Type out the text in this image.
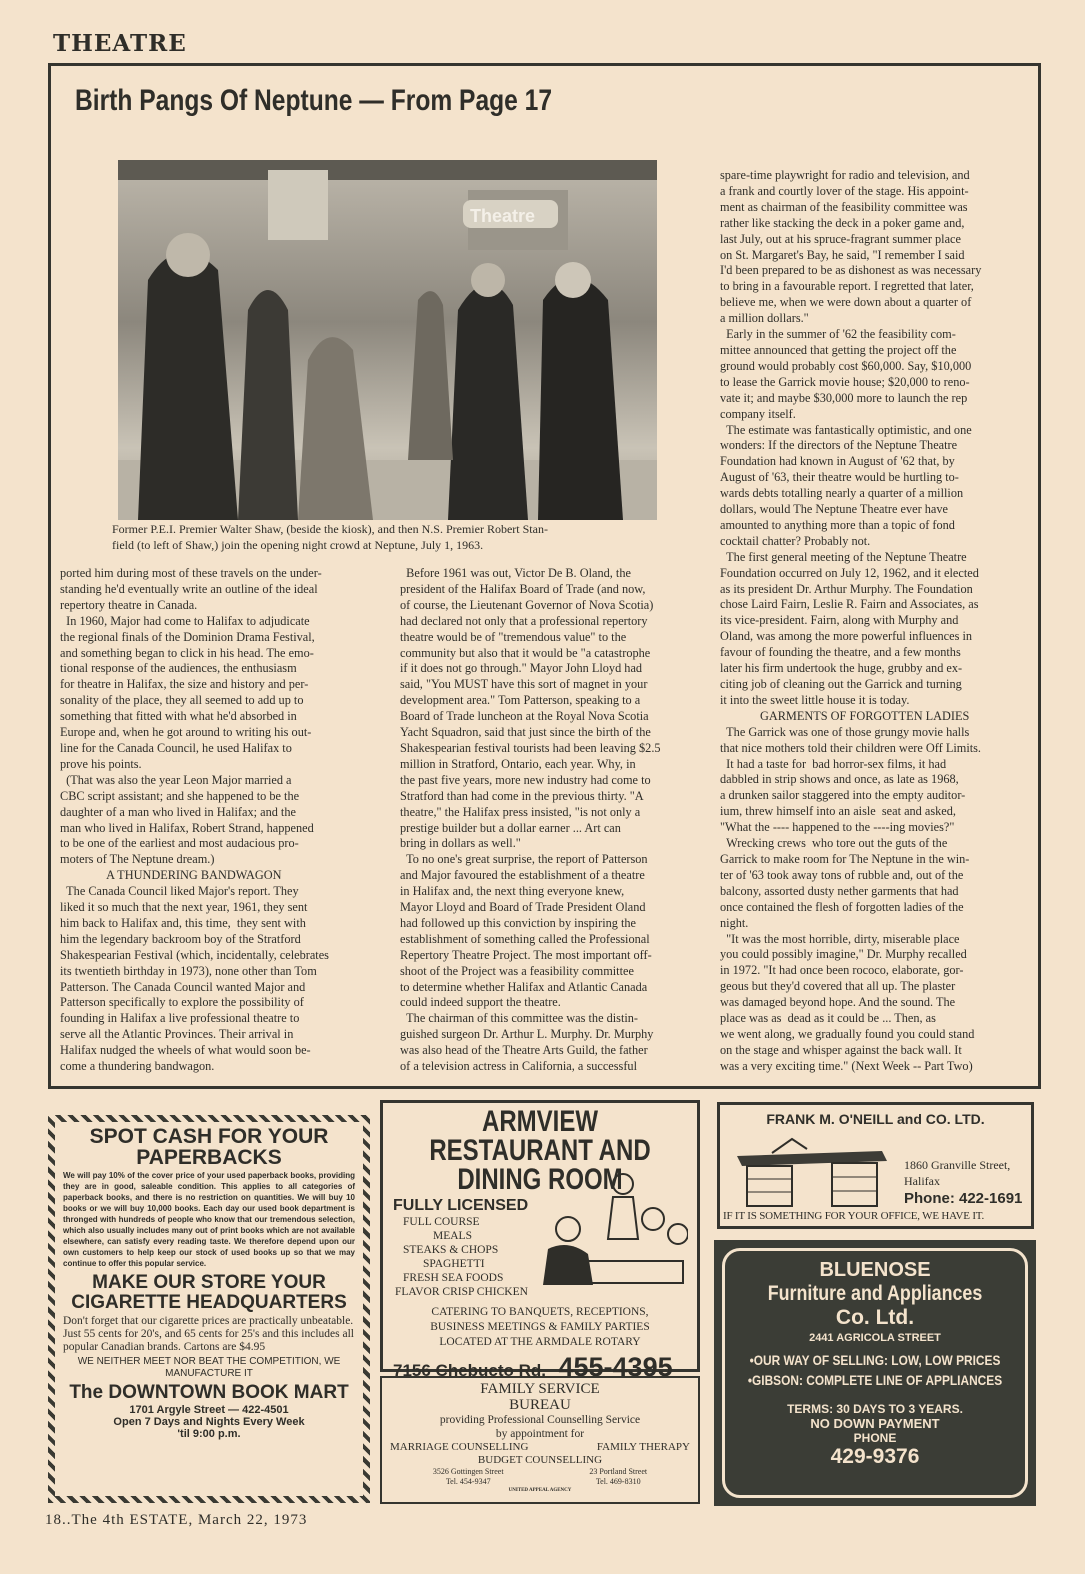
THEATRE
Birth Pangs Of Neptune — From Page 17
Theatre
Former P.E.I. Premier Walter Shaw, (beside the kiosk), and then N.S. Premier Robert Stan-
field (to left of Shaw,) join the opening night crowd at Neptune, July 1, 1963.
ported him during most of these travels on the under-
standing he'd eventually write an outline of the ideal
repertory theatre in Canada.
In 1960, Major had come to Halifax to adjudicate
the regional finals of the Dominion Drama Festival,
and something began to click in his head. The emo-
tional response of the audiences, the enthusiasm
for theatre in Halifax, the size and history and per-
sonality of the place, they all seemed to add up to
something that fitted with what he'd absorbed in
Europe and, when he got around to writing his out-
line for the Canada Council, he used Halifax to
prove his points.
(That was also the year Leon Major married a
CBC script assistant; and she happened to be the
daughter of a man who lived in Halifax; and the
man who lived in Halifax, Robert Strand, happened
to be one of the earliest and most audacious pro-
moters of The Neptune dream.)
A THUNDERING BANDWAGON
The Canada Council liked Major's report. They
liked it so much that the next year, 1961, they sent
him back to Halifax and, this time,  they sent with
him the legendary backroom boy of the Stratford
Shakespearian Festival (which, incidentally, celebrates
its twentieth birthday in 1973), none other than Tom
Patterson. The Canada Council wanted Major and
Patterson specifically to explore the possibility of
founding in Halifax a live professional theatre to
serve all the Atlantic Provinces. Their arrival in
Halifax nudged the wheels of what would soon be-
come a thundering bandwagon.
Before 1961 was out, Victor De B. Oland, the
president of the Halifax Board of Trade (and now,
of course, the Lieutenant Governor of Nova Scotia)
had declared not only that a professional repertory
theatre would be of "tremendous value" to the
community but also that it would be "a catastrophe
if it does not go through." Mayor John Lloyd had
said, "You MUST have this sort of magnet in your
development area." Tom Patterson, speaking to a
Board of Trade luncheon at the Royal Nova Scotia
Yacht Squadron, said that just since the birth of the
Shakespearian festival tourists had been leaving $2.5
million in Stratford, Ontario, each year. Why, in
the past five years, more new industry had come to
Stratford than had come in the previous thirty. "A
theatre," the Halifax press insisted, "is not only a
prestige builder but a dollar earner ... Art can
bring in dollars as well."
To no one's great surprise, the report of Patterson
and Major favoured the establishment of a theatre
in Halifax and, the next thing everyone knew,
Mayor Lloyd and Board of Trade President Oland
had followed up this conviction by inspiring the
establishment of something called the Professional
Repertory Theatre Project. The most important off-
shoot of the Project was a feasibility committee
to determine whether Halifax and Atlantic Canada
could indeed support the theatre.
The chairman of this committee was the distin-
guished surgeon Dr. Arthur L. Murphy. Dr. Murphy
was also head of the Theatre Arts Guild, the father
of a television actress in California, a successful
spare-time playwright for radio and television, and
a frank and courtly lover of the stage. His appoint-
ment as chairman of the feasibility committee was
rather like stacking the deck in a poker game and,
last July, out at his spruce-fragrant summer place
on St. Margaret's Bay, he said, "I remember I said
I'd been prepared to be as dishonest as was necessary
to bring in a favourable report. I regretted that later,
believe me, when we were down about a quarter of
a million dollars."
Early in the summer of '62 the feasibility com-
mittee announced that getting the project off the
ground would probably cost $60,000. Say, $10,000
to lease the Garrick movie house; $20,000 to reno-
vate it; and maybe $30,000 more to launch the rep
company itself.
The estimate was fantastically optimistic, and one
wonders: If the directors of the Neptune Theatre
Foundation had known in August of '62 that, by
August of '63, their theatre would be hurtling to-
wards debts totalling nearly a quarter of a million
dollars, would The Neptune Theatre ever have
amounted to anything more than a topic of fond
cocktail chatter? Probably not.
The first general meeting of the Neptune Theatre
Foundation occurred on July 12, 1962, and it elected
as its president Dr. Arthur Murphy. The Foundation
chose Laird Fairn, Leslie R. Fairn and Associates, as
its vice-president. Fairn, along with Murphy and
Oland, was among the more powerful influences in
favour of founding the theatre, and a few months
later his firm undertook the huge, grubby and ex-
citing job of cleaning out the Garrick and turning
it into the sweet little house it is today.
GARMENTS OF FORGOTTEN LADIES
The Garrick was one of those grungy movie halls
that nice mothers told their children were Off Limits.
It had a taste for  bad horror-sex films, it had
dabbled in strip shows and once, as late as 1968,
a drunken sailor staggered into the empty auditor-
ium, threw himself into an aisle  seat and asked,
"What the ---- happened to the ----ing movies?"
Wrecking crews  who tore out the guts of the
Garrick to make room for The Neptune in the win-
ter of '63 took away tons of rubble and, out of the
balcony, assorted dusty nether garments that had
once contained the flesh of forgotten ladies of the
night.
"It was the most horrible, dirty, miserable place
you could possibly imagine," Dr. Murphy recalled
in 1972. "It had once been rococo, elaborate, gor-
geous but they'd covered that all up. The plaster
was damaged beyond hope. And the sound. The
place was as  dead as it could be ... Then, as
we went along, we gradually found you could stand
on the stage and whisper against the back wall. It
was a very exciting time." (Next Week -- Part Two)
SPOT CASH FOR YOUR PAPERBACKS
We will pay 10% of the cover price of your used paperback books, providing they are in good, saleable condition. This applies to all categories of paperback books, and there is no restriction on quantities. We will buy 10 books or we will buy 10,000 books. Each day our used book department is thronged with hundreds of people who know that our tremendous selection, which also usually includes many out of print books which are not available elsewhere, can satisfy every reading taste. We therefore depend upon our own customers to help keep our stock of used books up so that we may continue to offer this popular service.
MAKE OUR STORE YOUR CIGARETTE HEADQUARTERS
Don't forget that our cigarette prices are practically unbeatable. Just 55 cents for 20's, and 65 cents for 25's and this includes all popular Canadian brands. Cartons are $4.95
WE NEITHER MEET NOR BEAT THE COMPETITION, WE MANUFACTURE IT
The DOWNTOWN BOOK MART
1701 Argyle Street — 422-4501
Open 7 Days and Nights Every Week
'til 9:00 p.m.
ARMVIEW RESTAURANT AND DINING ROOM
FULLY LICENSED
FULL COURSE
MEALS
STEAKS & CHOPS
SPAGHETTI
FRESH SEA FOODS
FLAVOR CRISP CHICKEN
CATERING TO BANQUETS, RECEPTIONS,
BUSINESS MEETINGS & FAMILY PARTIES
LOCATED AT THE ARMDALE ROTARY
7156 Chebucto Rd. 455-4395
FAMILY SERVICE
BUREAU
providing Professional Counselling Service
by appointment for
MARRIAGE COUNSELLING	FAMILY THERAPY
BUDGET COUNSELLING
3526 Gottingen Street
Tel. 454-9347
23 Portland Street
Tel. 469-8310
UNITED APPEAL AGENCY
FRANK M. O'NEILL and CO. LTD.
1860 Granville Street,
Halifax
Phone: 422-1691
IF IT IS SOMETHING FOR YOUR OFFICE, WE HAVE IT.
BLUENOSE
Furniture and Appliances
Co. Ltd.
2441 AGRICOLA STREET
•OUR WAY OF SELLING: LOW, LOW PRICES
•GIBSON: COMPLETE LINE OF APPLIANCES
TERMS: 30 DAYS TO 3 YEARS.
NO DOWN PAYMENT
PHONE
429-9376
18..The 4th ESTATE, March 22, 1973
